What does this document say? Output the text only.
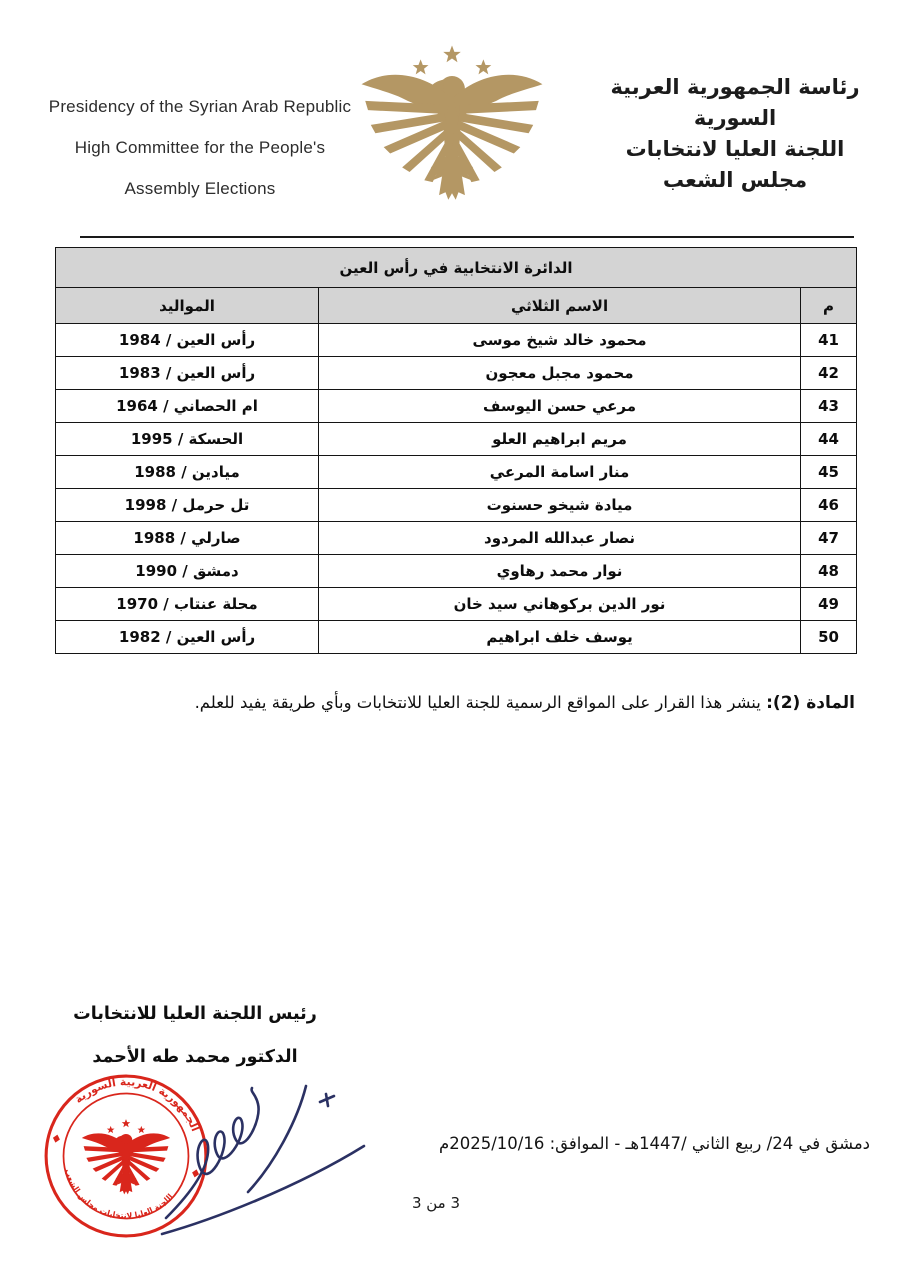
Presidency of the Syrian Arab Republic
High Committee for the People's
Assembly Elections
رئاسة الجمهورية العربية السورية
اللجنة العليا لانتخابات
مجلس الشعب
الدائرة الانتخابية في رأس العين		
م	الاسم الثلاثي	المواليد
41	محمود خالد شيخ موسى	رأس العين / 1984
42	محمود مجبل معجون	رأس العين / 1983
43	مرعي حسن اليوسف	ام الحصاني / 1964
44	مريم ابراهيم العلو	الحسكة / 1995
45	منار اسامة المرعي	ميادين / 1988
46	ميادة شيخو حسنوت	تل حرمل / 1998
47	نصار عبدالله المردود	صارلي / 1988
48	نوار محمد رهاوي	دمشق / 1990
49	نور الدين بركوهاني سيد خان	محلة عنتاب / 1970
50	يوسف خلف ابراهيم	رأس العين / 1982
المادة (2): ينشر هذا القرار على المواقع الرسمية للجنة العليا للانتخابات وبأي طريقة يفيد للعلم.
رئيس اللجنة العليا للانتخابات
الدكتور محمد طه الأحمد
الجمهورية العربية السورية
اللجنة العليا لانتخابات مجلس الشعب
دمشق في 24/ ربيع الثاني /1447هـ - الموافق: 2025/10/16م
3 من 3
